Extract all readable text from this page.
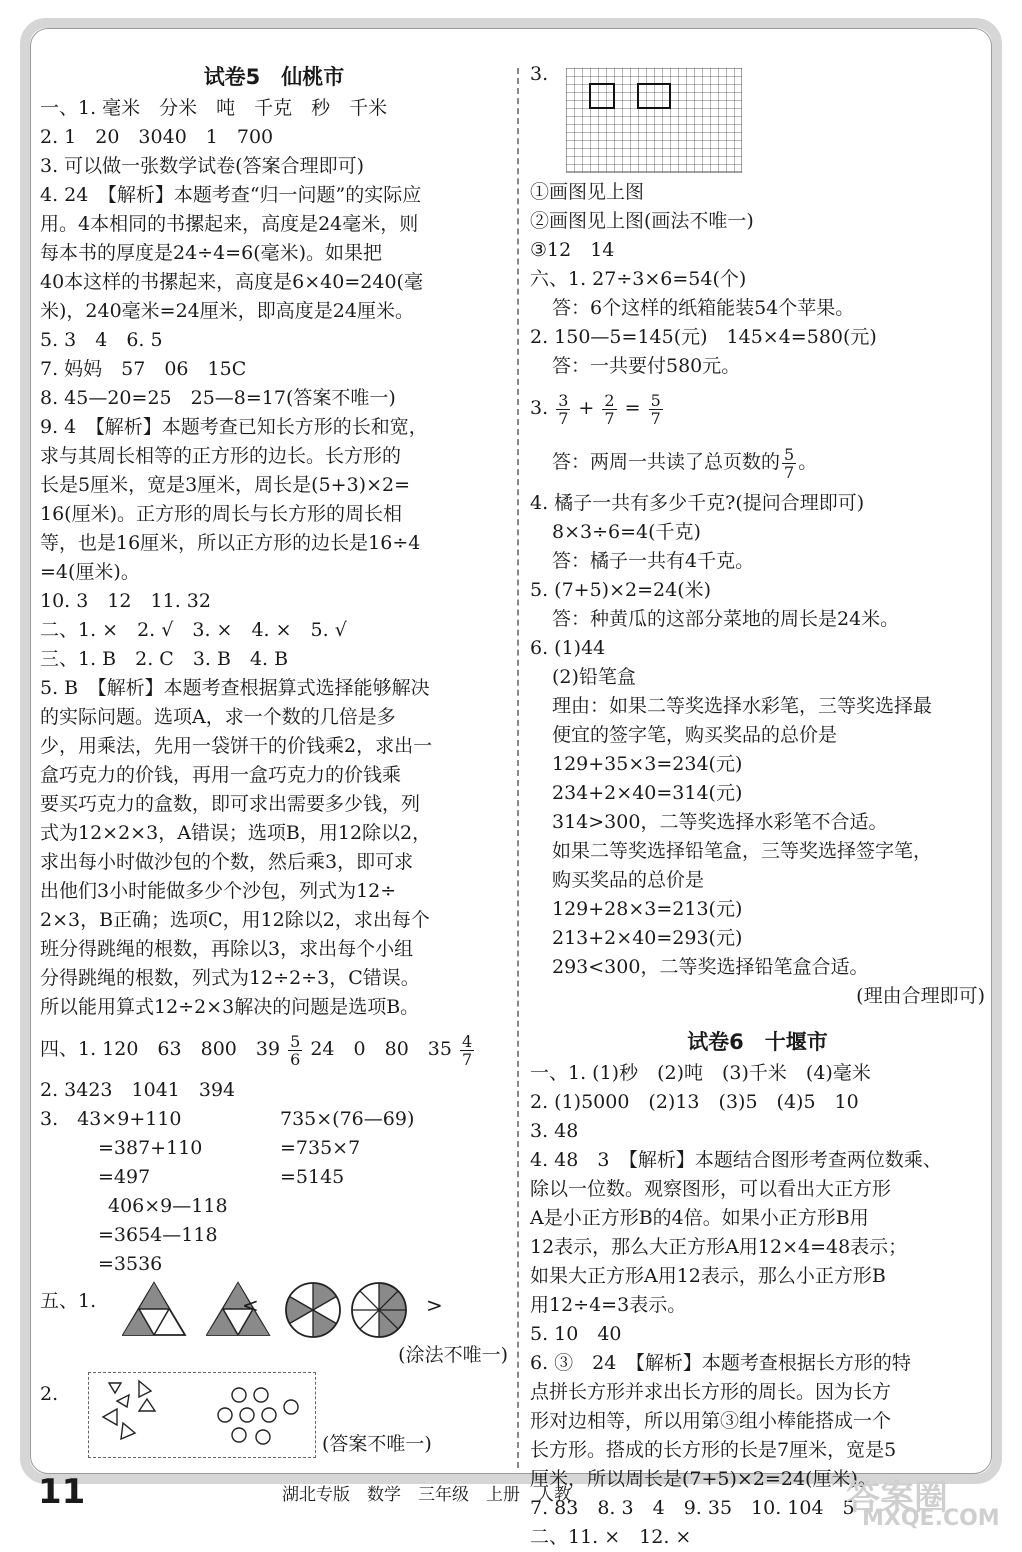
试卷5　仙桃市
一、1. 毫米　分米　吨　千克　秒　千米
2. 1　20　3040　1　700
3. 可以做一张数学试卷(答案合理即可)
4. 24　【解析】本题考查“归一问题”的实际应
用。4本相同的书摞起来，高度是24毫米，则
每本书的厚度是24÷4=6(毫米)。如果把
40本这样的书摞起来，高度是6×40=240(毫
米)，240毫米=24厘米，即高度是24厘米。
5. 3　4　6. 5
7. 妈妈　57　06　15C
8. 45—20=25　25—8=17(答案不唯一)
9. 4　【解析】本题考查已知长方形的长和宽，
求与其周长相等的正方形的边长。长方形的
长是5厘米，宽是3厘米，周长是(5+3)×2=
16(厘米)。正方形的周长与长方形的周长相
等，也是16厘米，所以正方形的边长是16÷4
=4(厘米)。
10. 3　12　11. 32
二、1. ×　2. √　3. ×　4. ×　5. √
三、1. B　2. C　3. B　4. B
5. B　【解析】本题考查根据算式选择能够解决
的实际问题。选项A，求一个数的几倍是多
少，用乘法，先用一袋饼干的价钱乘2，求出一
盒巧克力的价钱，再用一盒巧克力的价钱乘
要买巧克力的盒数，即可求出需要多少钱，列
式为12×2×3，A错误；选项B，用12除以2，
求出每小时做沙包的个数，然后乘3，即可求
出他们3小时能做多少个沙包，列式为12÷
2×3，B正确；选项C，用12除以2，求出每个
班分得跳绳的根数，再除以3，求出每个小组
分得跳绳的根数，列式为12÷2÷3，C错误。
所以能用算式12÷2×3解决的问题是选项B。
四、1. 120　63　800　$39 \frac{5}{6} 24$　0　80　$35 \frac{4}{7}$
2. 3423　1041　394
3.　43×9+110
=387+110
=497
735×(76—69)
=735×7
=5145
406×9—118
=3654—118
=3536
五、1.	<	>
(涂法不唯一)
2.
(答案不唯一)
3.
①画图见上图
②画图见上图(画法不唯一)
③12　14
六、1. 27÷3×6=54(个)
答：6个这样的纸箱能装54个苹果。
2. 150—5=145(元)　145×4=580(元)
答：一共要付580元。
3. $\frac{3}{7} + \frac{2}{7} = \frac{5}{7}$
答：两周一共读了总页数的 $\frac{5}{7}$ 。
4. 橘子一共有多少千克?(提问合理即可)
8×3÷6=4(千克)
答：橘子一共有4千克。
5. (7+5)×2=24(米)
答：种黄瓜的这部分菜地的周长是24米。
6. (1)44
(2)铅笔盒
理由：如果二等奖选择水彩笔，三等奖选择最
便宜的签字笔，购买奖品的总价是
129+35×3=234(元)
234+2×40=314(元)
314>300，二等奖选择水彩笔不合适。
如果二等奖选择铅笔盒，三等奖选择签字笔，
购买奖品的总价是
129+28×3=213(元)
213+2×40=293(元)
293<300，二等奖选择铅笔盒合适。
(理由合理即可)
试卷6　十堰市
一、1. (1)秒　(2)吨　(3)千米　(4)毫米
2. (1)5000　(2)13　(3)5　(4)5　10
3. 48
4. 48　3　【解析】本题结合图形考查两位数乘、
除以一位数。观察图形，可以看出大正方形
A是小正方形B的4倍。如果小正方形B用
12表示，那么大正方形A用12×4=48表示；
如果大正方形A用12表示，那么小正方形B
用12÷4=3表示。
5. 10　40
6. ③　24　【解析】本题考查根据长方形的特
点拼长方形并求出长方形的周长。因为长方
形对边相等，所以用第③组小棒能搭成一个
长方形。搭成的长方形的长是7厘米，宽是5
厘米，所以周长是(7+5)×2=24(厘米)。
7. 83　8. 3　4　9. 35　10. 104　5
二、11. ×　12. ×
11	湖北专版　数学　三年级　上册　人教	答案圈
MXQE.COM
